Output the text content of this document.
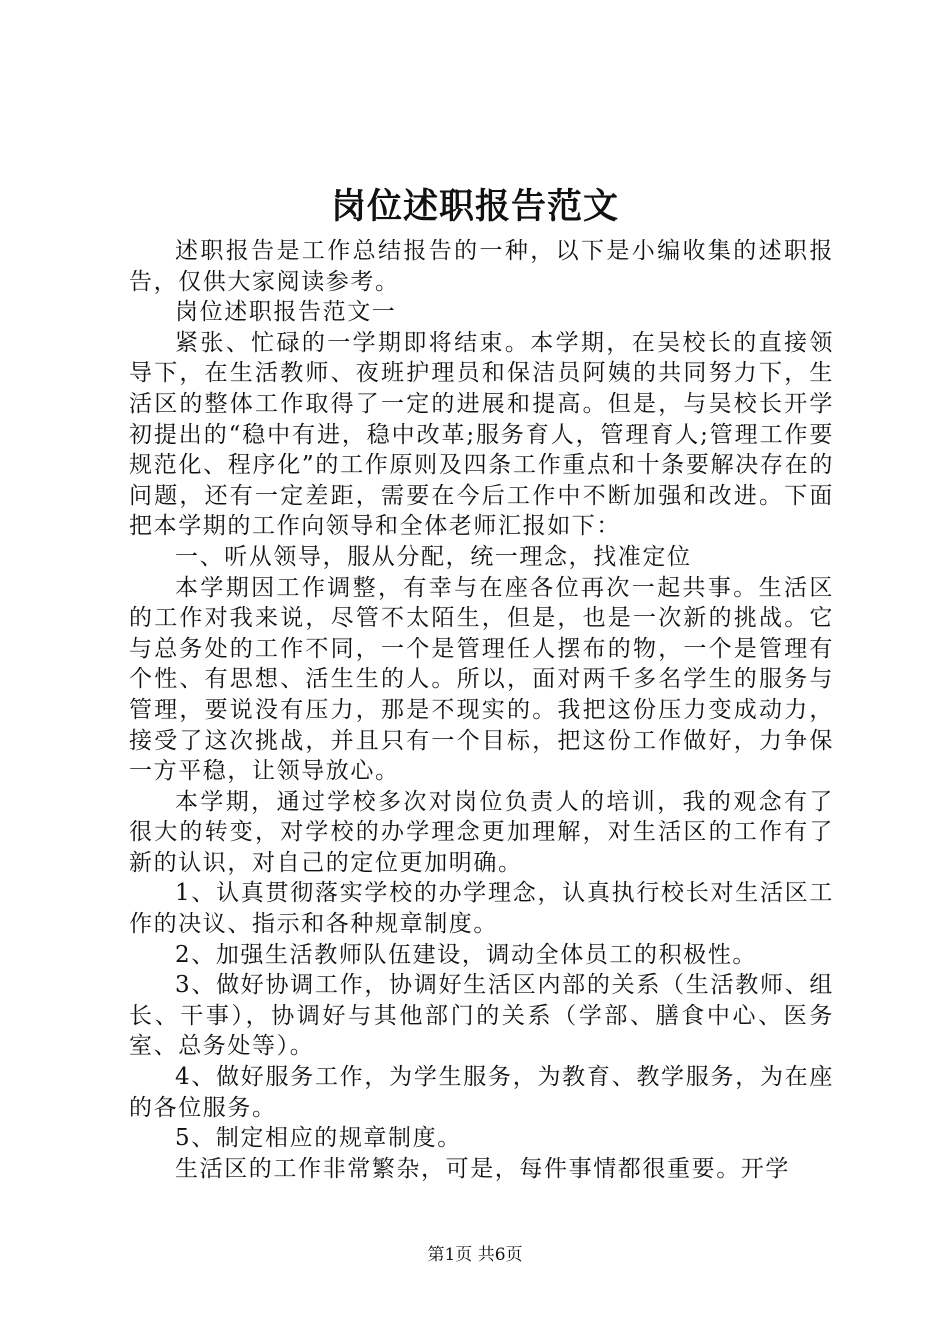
岗位述职报告范文

述职报告是工作总结报告的一种，以下是小编收集的述职报告，仅供大家阅读参考。

岗位述职报告范文一

紧张、忙碌的一学期即将结束。本学期，在吴校长的直接领导下，在生活教师、夜班护理员和保洁员阿姨的共同努力下，生活区的整体工作取得了一定的进展和提高。但是，与吴校长开学初提出的“稳中有进，稳中改革;服务育人，管理育人;管理工作要规范化、程序化”的工作原则及四条工作重点和十条要解决存在的问题，还有一定差距，需要在今后工作中不断加强和改进。下面把本学期的工作向领导和全体老师汇报如下：

一、听从领导，服从分配，统一理念，找准定位

本学期因工作调整，有幸与在座各位再次一起共事。生活区的工作对我来说，尽管不太陌生，但是，也是一次新的挑战。它与总务处的工作不同，一个是管理任人摆布的物，一个是管理有个性、有思想、活生生的人。所以，面对两千多名学生的服务与管理，要说没有压力，那是不现实的。我把这份压力变成动力，接受了这次挑战，并且只有一个目标，把这份工作做好，力争保一方平稳，让领导放心。

本学期，通过学校多次对岗位负责人的培训，我的观念有了很大的转变，对学校的办学理念更加理解，对生活区的工作有了新的认识，对自己的定位更加明确。

1、认真贯彻落实学校的办学理念，认真执行校长对生活区工作的决议、指示和各种规章制度。

2、加强生活教师队伍建设，调动全体员工的积极性。

3、做好协调工作，协调好生活区内部的关系（生活教师、组长、干事），协调好与其他部门的关系（学部、膳食中心、医务室、总务处等）。

4、做好服务工作，为学生服务，为教育、教学服务，为在座的各位服务。

5、制定相应的规章制度。

生活区的工作非常繁杂，可是，每件事情都很重要。开学

第1页 共6页
